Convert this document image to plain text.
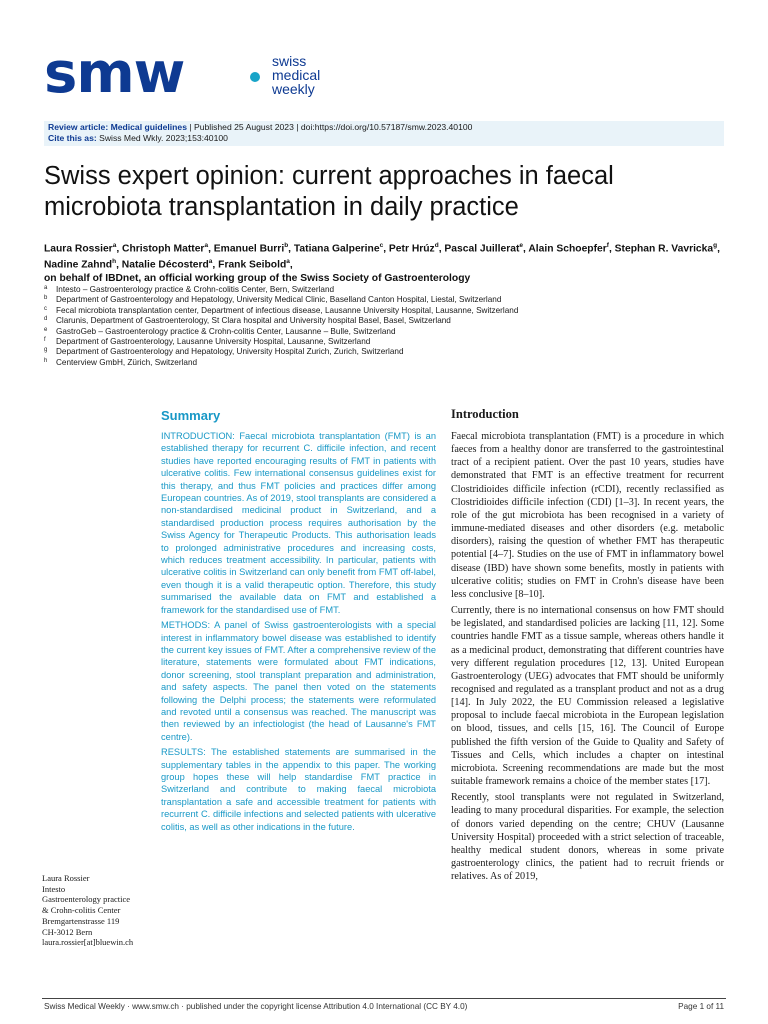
smw	swiss
medical
weekly
Review article: Medical guidelines | Published 25 August 2023 | doi:https://doi.org/10.57187/smw.2023.40100
Cite this as: Swiss Med Wkly. 2023;153:40100
Swiss expert opinion: current approaches in faecal microbiota transplantation in daily practice
Laura Rossier$^a$, Christoph Matter$^a$, Emanuel Burri$^b$, Tatiana Galperine$^c$, Petr Hrúz$^d$, Pascal Juillerat$^e$, Alain Schoepfer$^f$, Stephan R. Vavricka$^g$, Nadine Zahnd$^h$, Natalie Décosterd$^a$, Frank Seibold$^a$,
on behalf of IBDnet, an official working group of the Swiss Society of Gastroenterology
a Intesto – Gastroenterology practice & Crohn-colitis Center, Bern, Switzerland
b Department of Gastroenterology and Hepatology, University Medical Clinic, Baselland Canton Hospital, Liestal, Switzerland
c Fecal microbiota transplantation center, Department of infectious disease, Lausanne University Hospital, Lausanne, Switzerland
d Clarunis, Department of Gastroenterology, St Clara hospital and University hospital Basel, Basel, Switzerland
e GastroGeb – Gastroenterology practice & Crohn-colitis Center, Lausanne – Bulle, Switzerland
f Department of Gastroenterology, Lausanne University Hospital, Lausanne, Switzerland
g Department of Gastroenterology and Hepatology, University Hospital Zurich, Zurich, Switzerland
h Centerview GmbH, Zürich, Switzerland
Summary

INTRODUCTION: Faecal microbiota transplantation (FMT) is an established therapy for recurrent C. difficile infection, and recent studies have reported encouraging results of FMT in patients with ulcerative colitis. Few international consensus guidelines exist for this therapy, and thus FMT policies and practices differ among European countries. As of 2019, stool transplants are considered a non-standardised medicinal product in Switzerland, and a standardised production process requires authorisation by the Swiss Agency for Therapeutic Products. This authorisation leads to prolonged administrative procedures and increasing costs, which reduces treatment accessibility. In particular, patients with ulcerative colitis in Switzerland can only benefit from FMT off-label, even though it is a valid therapeutic option. Therefore, this study summarised the available data on FMT and established a framework for the standardised use of FMT.

METHODS: A panel of Swiss gastroenterologists with a special interest in inflammatory bowel disease was established to identify the current key issues of FMT. After a comprehensive review of the literature, statements were formulated about FMT indications, donor screening, stool transplant preparation and administration, and safety aspects. The panel then voted on the statements following the Delphi process; the statements were reformulated and revoted until a consensus was reached. The manuscript was then reviewed by an infectiologist (the head of Lausanne's FMT centre).

RESULTS: The established statements are summarised in the supplementary tables in the appendix to this paper. The working group hopes these will help standardise FMT practice in Switzerland and contribute to making faecal microbiota transplantation a safe and accessible treatment for patients with recurrent C. difficile infections and selected patients with ulcerative colitis, as well as other indications in the future.

Laura Rossier
Intesto
Gastroenterology practice
& Crohn-colitis Center
Bremgartenstrasse 119
CH-3012 Bern
laura.rossier[at]bluewin.ch
Introduction

Faecal microbiota transplantation (FMT) is a procedure in which faeces from a healthy donor are transferred to the gastrointestinal tract of a recipient patient. Over the past 10 years, studies have demonstrated that FMT is an effective treatment for recurrent Clostridioides difficile infection (rCDI), recently reclassified as Clostridioides difficile infection (CDI) [1–3]. In recent years, the role of the gut microbiota has been recognised in a variety of immune-mediated diseases and other disorders (e.g. metabolic disorders), raising the question of whether FMT has therapeutic potential [4–7]. Studies on the use of FMT in inflammatory bowel disease (IBD) have shown some benefits, mostly in patients with ulcerative colitis; studies on FMT in Crohn's disease have been less conclusive [8–10].

Currently, there is no international consensus on how FMT should be legislated, and standardised policies are lacking [11, 12]. Some countries handle FMT as a tissue sample, whereas others handle it as a medicinal product, demonstrating that different countries have very different regulation procedures [12, 13]. United European Gastroenterology (UEG) advocates that FMT should be uniformly recognised and regulated as a transplant product and not as a drug [14]. In July 2022, the EU Commission released a legislative proposal to include faecal microbiota in the European legislation on blood, tissues, and cells [15, 16]. The Council of Europe published the fifth version of the Guide to Quality and Safety of Tissues and Cells, which includes a chapter on intestinal microbiota. Screening recommendations are made but the most suitable framework remains a choice of the member states [17].

Recently, stool transplants were not regulated in Switzerland, leading to many procedural disparities. For example, the selection of donors varied depending on the centre; CHUV (Lausanne University Hospital) proceeded with a strict selection of traceable, healthy medical student donors, whereas in some private gastroenterology clinics, the patient had to recruit friends or relatives. As of 2019,

Swiss Medical Weekly · www.smw.ch · published under the copyright license Attribution 4.0 International (CC BY 4.0)	Page 1 of 11
